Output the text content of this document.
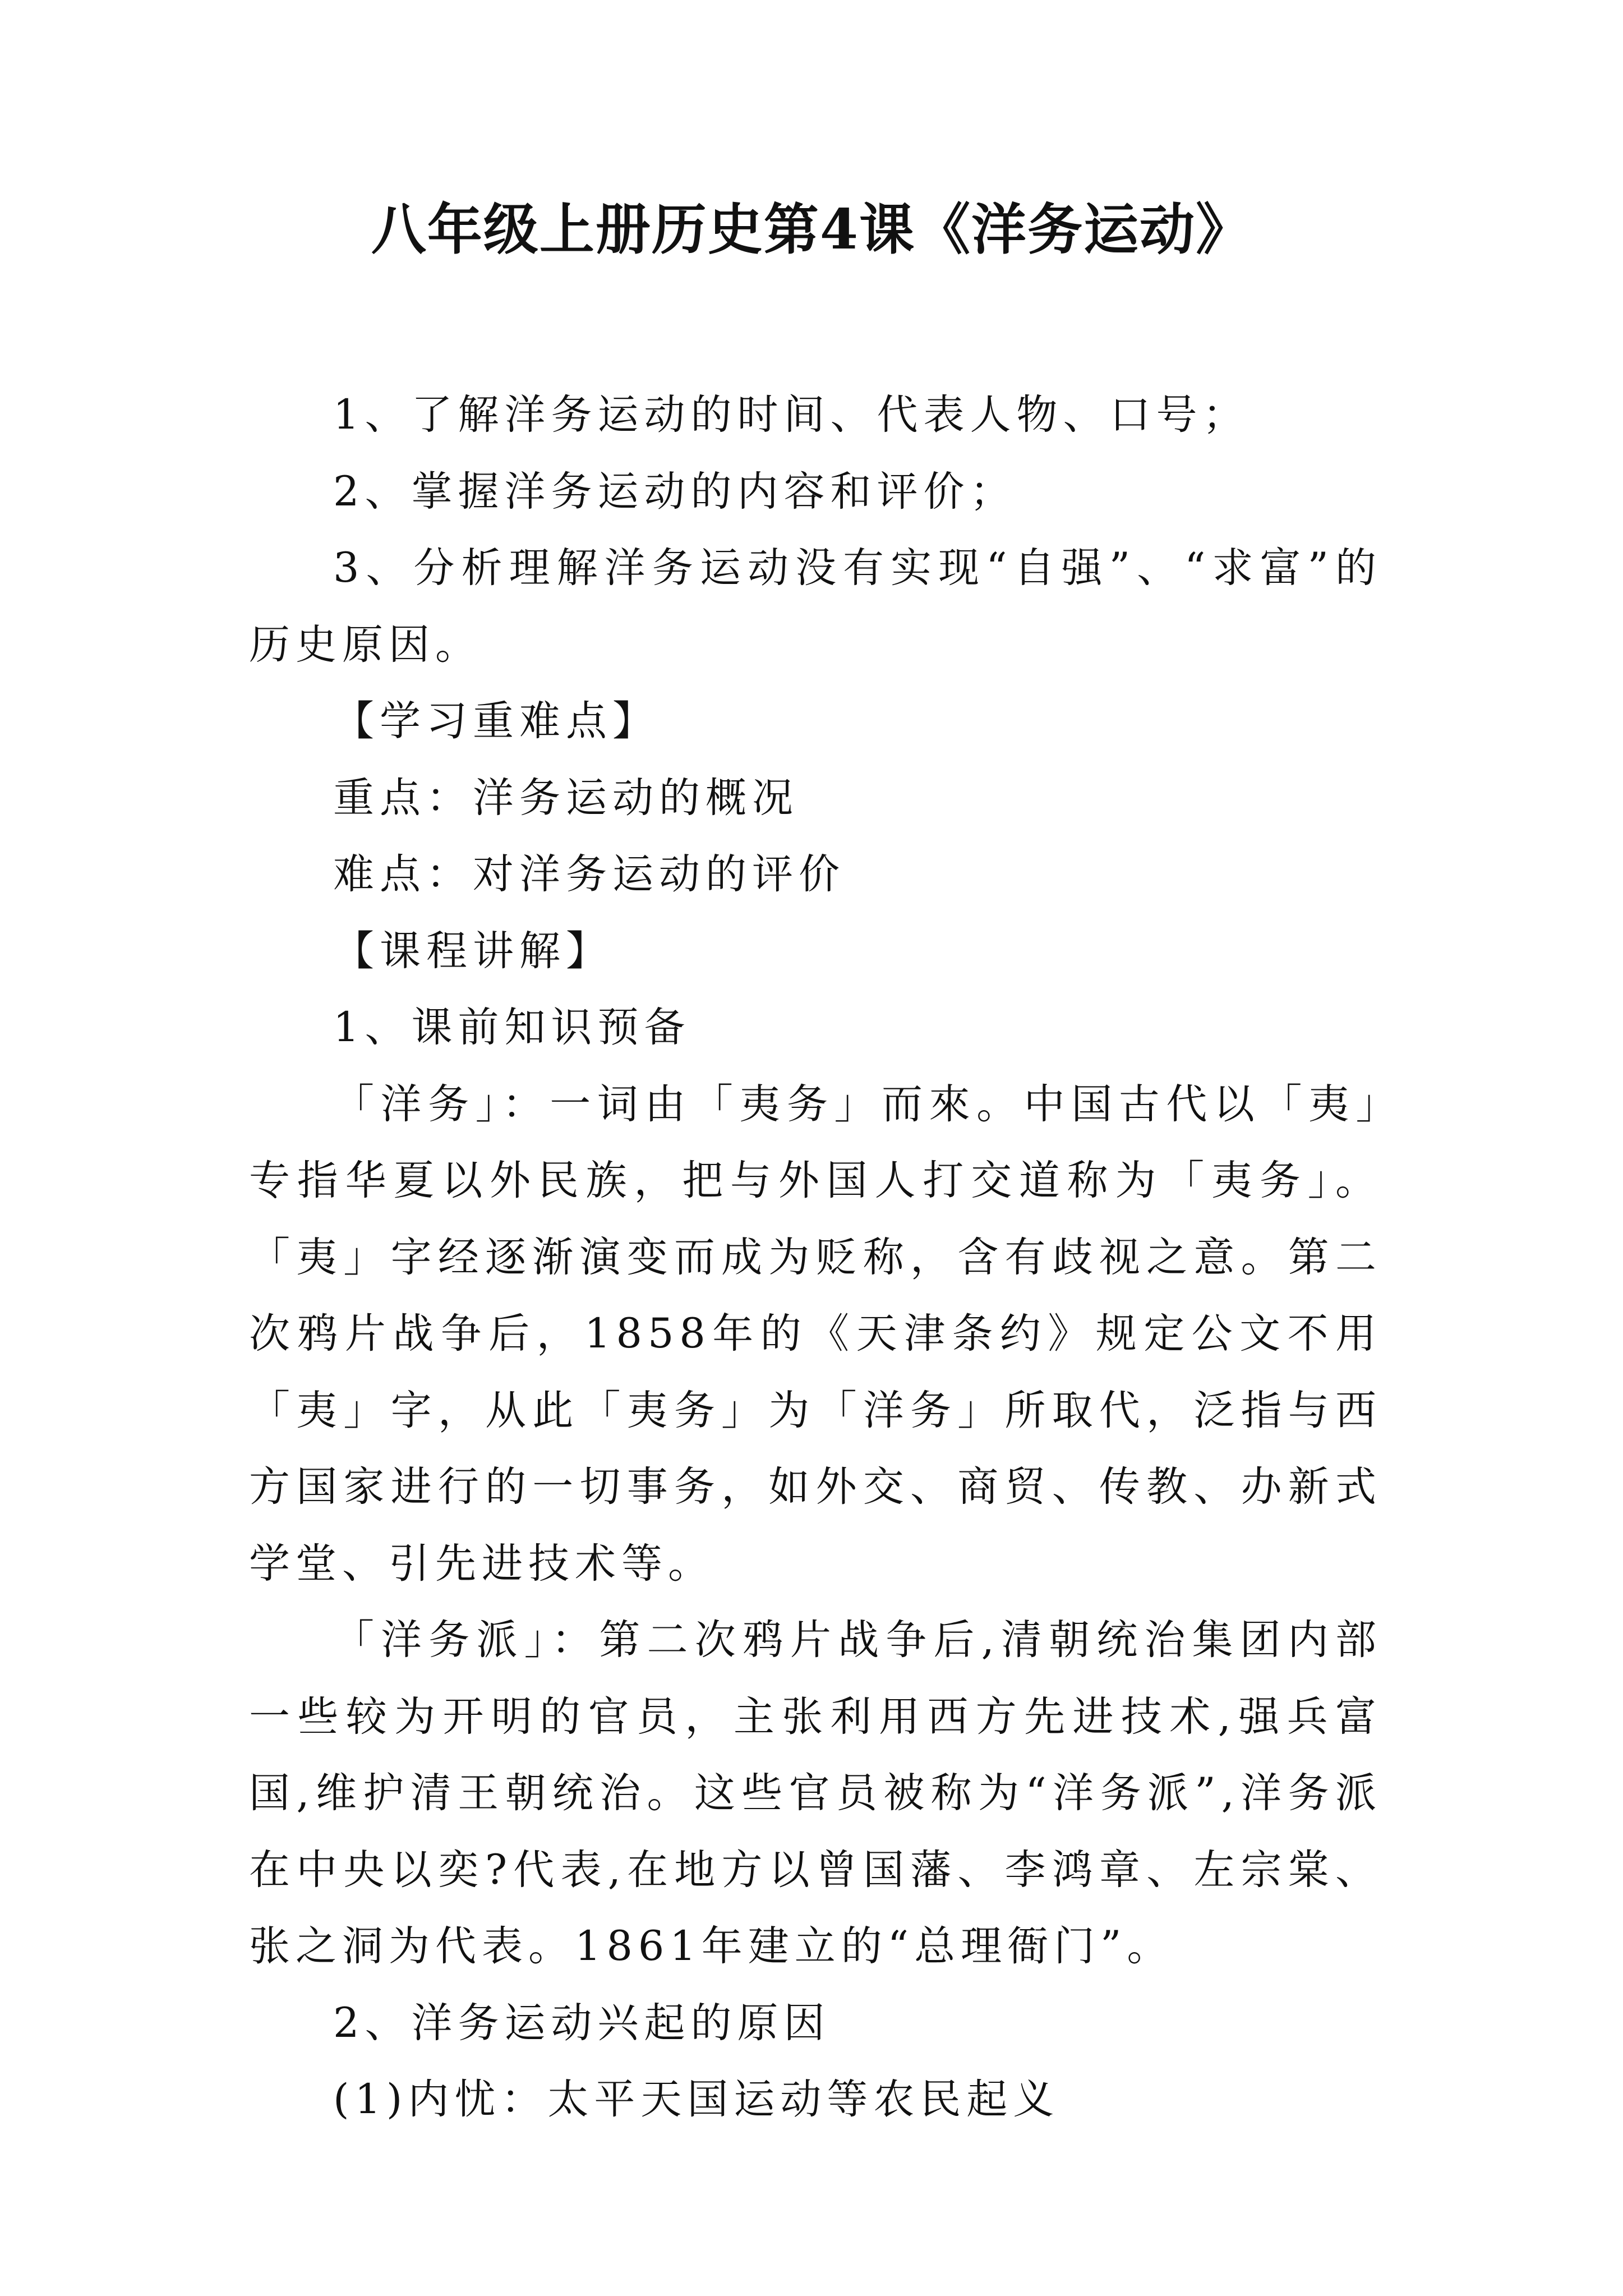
八年级上册历史第4课《洋务运动》

1、了解洋务运动的时间、代表人物、口号；

2、掌握洋务运动的内容和评价；

3、分析理解洋务运动没有实现“自强”、“求富”的历史原因。

【学习重难点】

重点：洋务运动的概况

难点：对洋务运动的评价

【课程讲解】

1、课前知识预备

「洋务」：一词由「夷务」而來。中国古代以「夷」专指华夏以外民族，把与外国人打交道称为「夷务」。「夷」字经逐渐演变而成为贬称，含有歧视之意。第二次鸦片战争后，1858年的《天津条约》规定公文不用「夷」字，从此「夷务」为「洋务」所取代，泛指与西方国家进行的一切事务，如外交、商贸、传教、办新式学堂、引先进技术等。

「洋务派」：第二次鸦片战争后,清朝统治集团内部一些较为开明的官员，主张利用西方先进技术,强兵富国,维护清王朝统治。这些官员被称为“洋务派”,洋务派在中央以奕?代表,在地方以曾国藩、李鸿章、左宗棠、张之洞为代表。1861年建立的“总理衙门”。

2、洋务运动兴起的原因

(1)内忧：太平天国运动等农民起义
